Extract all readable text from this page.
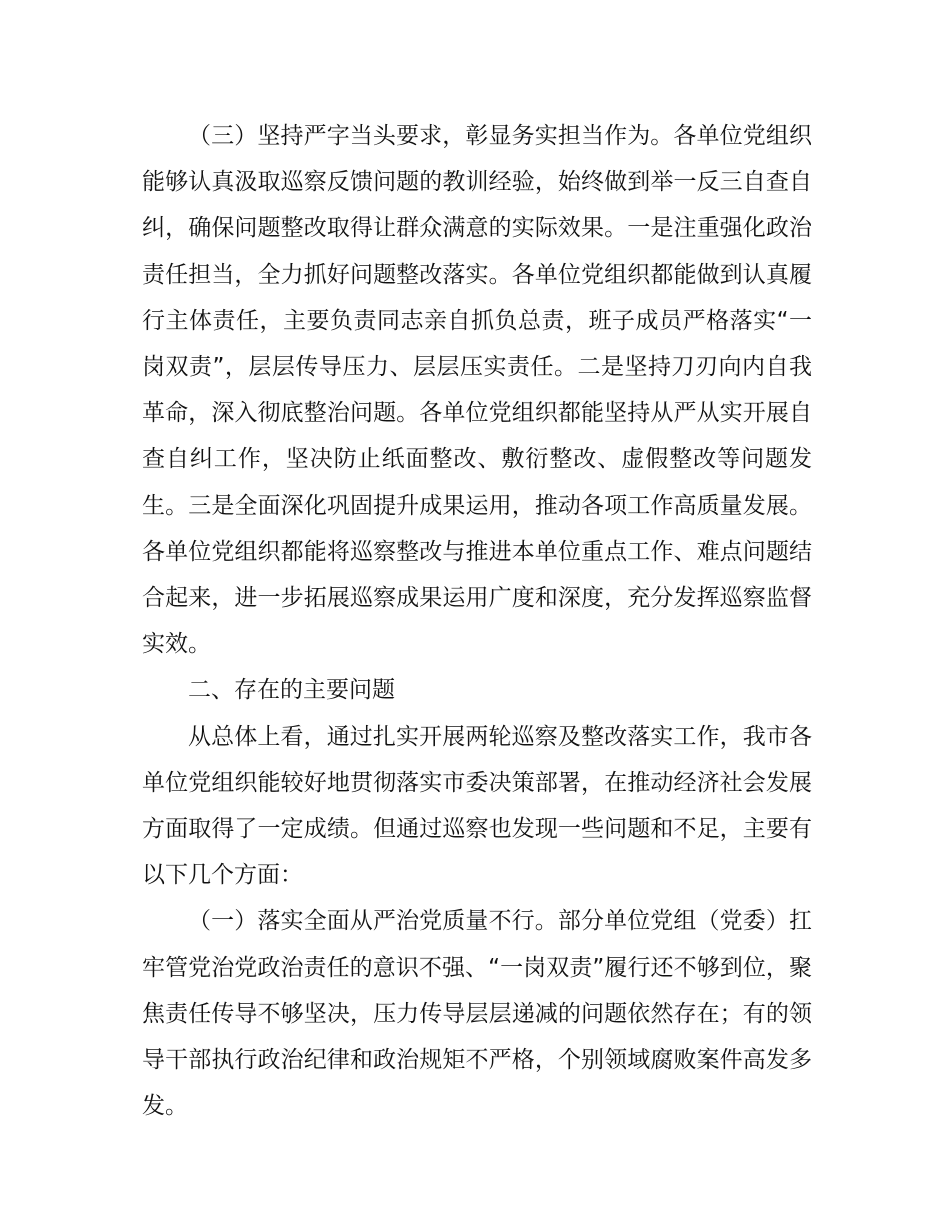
（三）坚持严字当头要求，彰显务实担当作为。各单位党组织能够认真汲取巡察反馈问题的教训经验，始终做到举一反三自查自纠，确保问题整改取得让群众满意的实际效果。一是注重强化政治责任担当，全力抓好问题整改落实。各单位党组织都能做到认真履行主体责任，主要负责同志亲自抓负总责，班子成员严格落实“一岗双责”，层层传导压力、层层压实责任。二是坚持刀刃向内自我革命，深入彻底整治问题。各单位党组织都能坚持从严从实开展自查自纠工作，坚决防止纸面整改、敷衍整改、虚假整改等问题发生。三是全面深化巩固提升成果运用，推动各项工作高质量发展。各单位党组织都能将巡察整改与推进本单位重点工作、难点问题结合起来，进一步拓展巡察成果运用广度和深度，充分发挥巡察监督实效。

二、存在的主要问题

从总体上看，通过扎实开展两轮巡察及整改落实工作，我市各单位党组织能较好地贯彻落实市委决策部署，在推动经济社会发展方面取得了一定成绩。但通过巡察也发现一些问题和不足，主要有以下几个方面：

（一）落实全面从严治党质量不行。部分单位党组（党委）扛牢管党治党政治责任的意识不强、“一岗双责”履行还不够到位，聚焦责任传导不够坚决，压力传导层层递减的问题依然存在；有的领导干部执行政治纪律和政治规矩不严格，个别领域腐败案件高发多发。
